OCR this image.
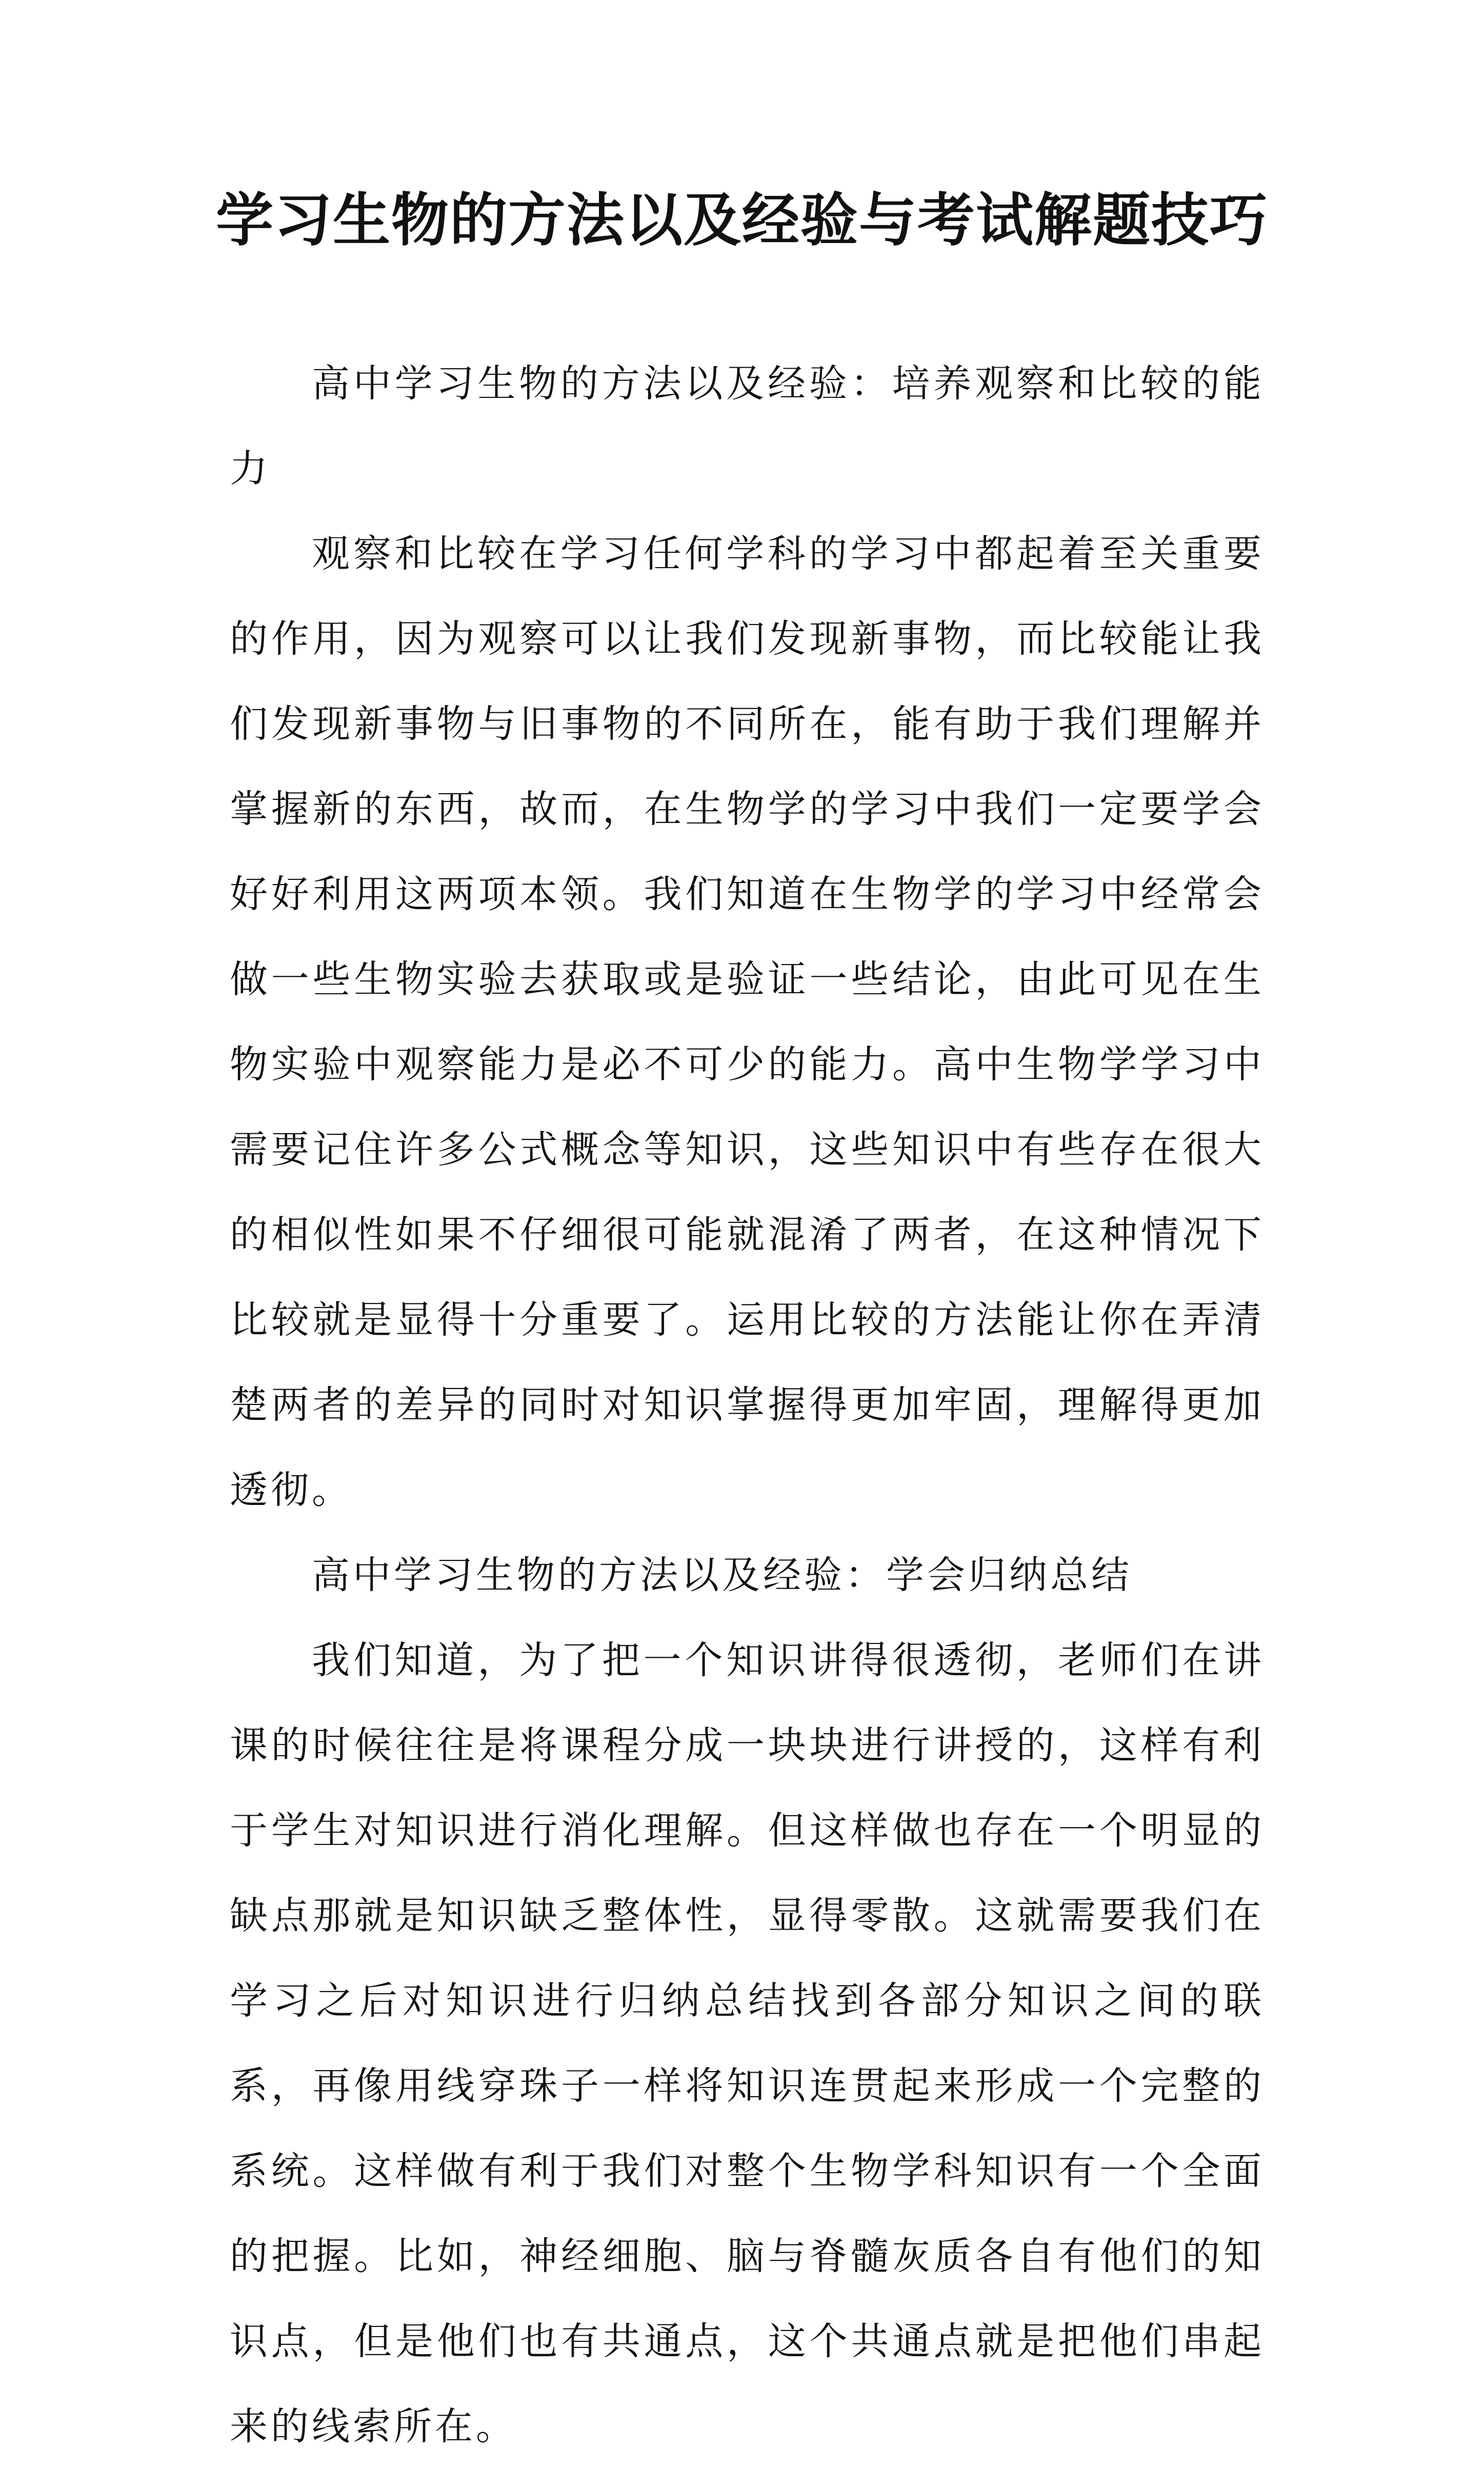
学习生物的方法以及经验与考试解题技巧

高中学习生物的方法以及经验：培养观察和比较的能力

观察和比较在学习任何学科的学习中都起着至关重要的作用，因为观察可以让我们发现新事物，而比较能让我们发现新事物与旧事物的不同所在，能有助于我们理解并掌握新的东西，故而，在生物学的学习中我们一定要学会好好利用这两项本领。我们知道在生物学的学习中经常会做一些生物实验去获取或是验证一些结论，由此可见在生物实验中观察能力是必不可少的能力。高中生物学学习中需要记住许多公式概念等知识，这些知识中有些存在很大的相似性如果不仔细很可能就混淆了两者，在这种情况下比较就是显得十分重要了。运用比较的方法能让你在弄清楚两者的差异的同时对知识掌握得更加牢固，理解得更加透彻。

高中学习生物的方法以及经验：学会归纳总结

我们知道，为了把一个知识讲得很透彻，老师们在讲课的时候往往是将课程分成一块块进行讲授的，这样有利于学生对知识进行消化理解。但这样做也存在一个明显的缺点那就是知识缺乏整体性，显得零散。这就需要我们在学习之后对知识进行归纳总结找到各部分知识之间的联系，再像用线穿珠子一样将知识连贯起来形成一个完整的系统。这样做有利于我们对整个生物学科知识有一个全面的把握。比如，神经细胞、脑与脊髓灰质各自有他们的知识点，但是他们也有共通点，这个共通点就是把他们串起来的线索所在。
